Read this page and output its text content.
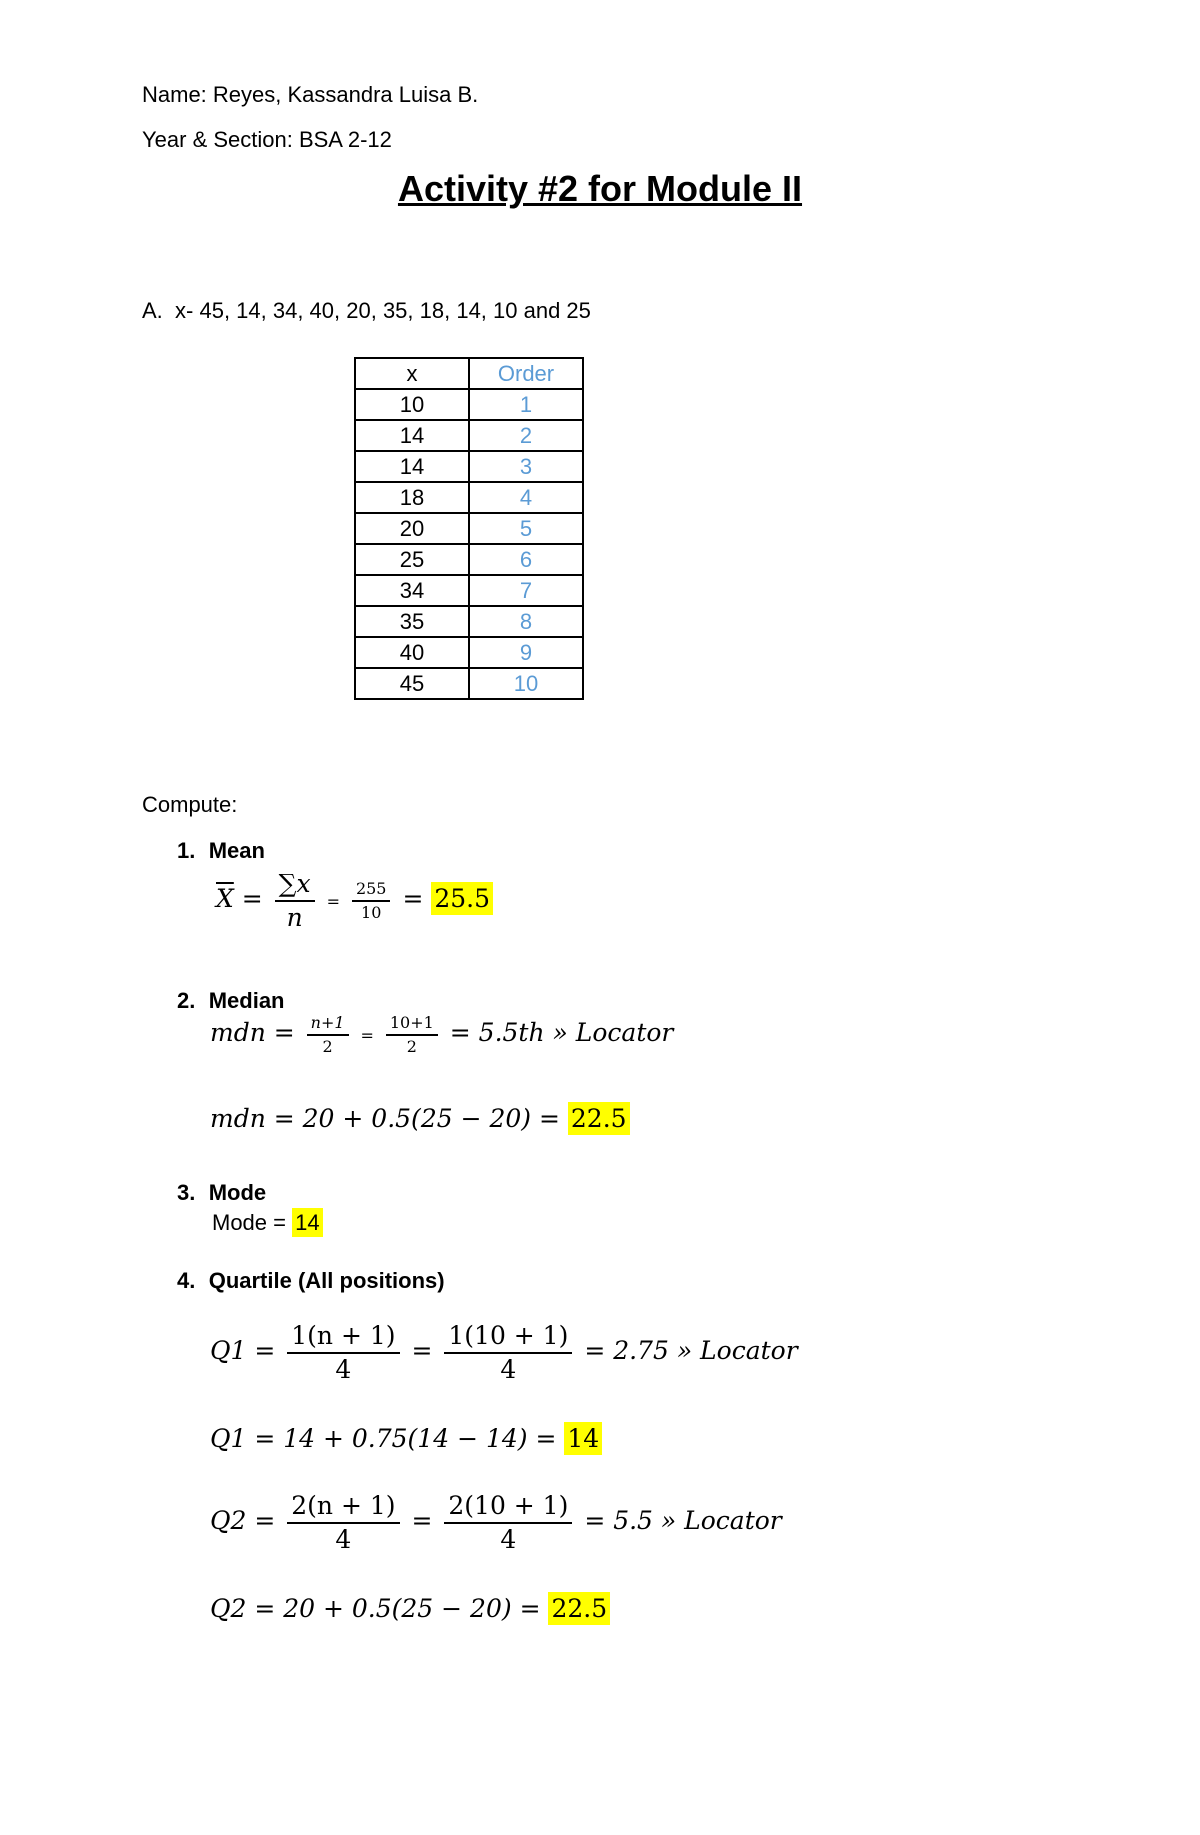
Name: Reyes, Kassandra Luisa B.
Year & Section: BSA 2-12
Activity #2 for Module II
A. x- 45, 14, 34, 40, 20, 35, 18, 14, 10 and 25
x	Order
10	1
14	2
14	3
18	4
20	5
25	6
34	7
35	8
40	9
45	10
Compute:
1. Mean
$\overline{X} = \frac{\sum x}{n} = \frac{255}{10} = 25.5$
2. Median
mdn = $\frac{n+1}{2} = \frac{10+1}{2} = 5.5th$ » Locator
mdn = 20 + 0.5(25 − 20) = 22.5
3. Mode
Mode = 14
4. Quartile (All positions)
$Q1 = \frac{1(n + 1)}{4} = \frac{1(10 + 1)}{4} = 2.75$ » Locator
Q1 = 14 + 0.75(14 − 14) = 14
$Q2 = \frac{2(n + 1)}{4} = \frac{2(10 + 1)}{4} = 5.5$ » Locator
Q2 = 20 + 0.5(25 − 20) = 22.5
